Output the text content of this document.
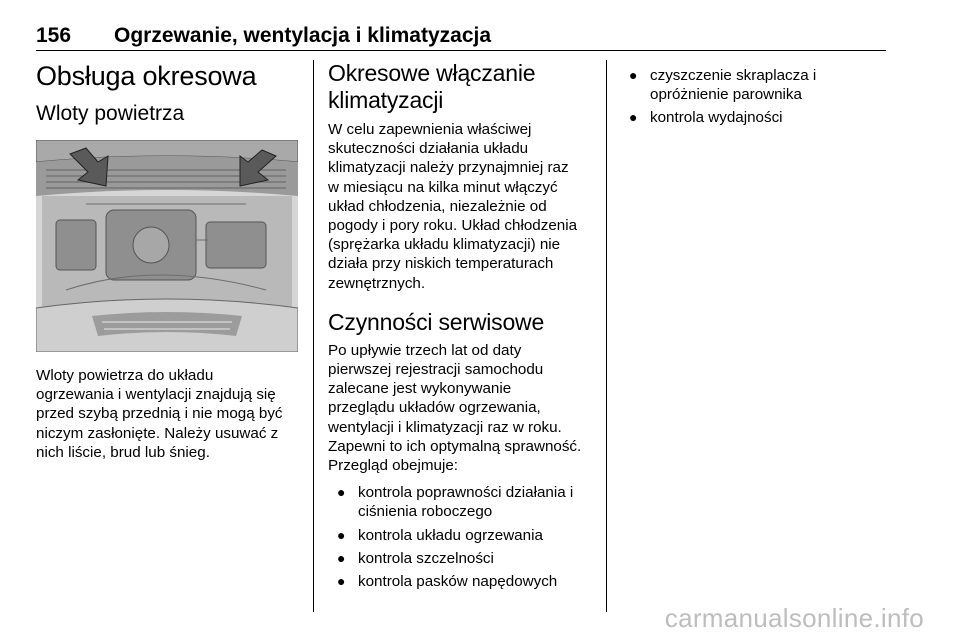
156 Ogrzewanie, wentylacja i klimatyzacja
Obsługa okresowa
Wloty powietrza

Wloty powietrza do układu

ogrzewania i wentylacji znajdują się

przed szybą przednią i nie mogą być

niczym zasłonięte. Należy usuwać z

nich liście, brud lub śnieg.

Okresowe włączanie
klimatyzacji

W celu zapewnienia właściwej

skuteczności działania układu

klimatyzacji należy przynajmniej raz

w miesiącu na kilka minut włączyć

układ chłodzenia, niezależnie od

pogody i pory roku. Układ chłodzenia

(sprężarka układu klimatyzacji) nie

działa przy niskich temperaturach

zewnętrznych.

Czynności serwisowe

Po upływie trzech lat od daty

pierwszej rejestracji samochodu

zalecane jest wykonywanie

przeglądu układów ogrzewania,

wentylacji i klimatyzacji raz w roku.

Zapewni to ich optymalną sprawność.

Przegląd obejmuje:

● kontrola poprawności działania i
ciśnienia roboczego
● kontrola układu ogrzewania
● kontrola szczelności
● kontrola pasków napędowych
● czyszczenie skraplacza i
opróżnienie parownika
● kontrola wydajności
carmanualsonline.info
